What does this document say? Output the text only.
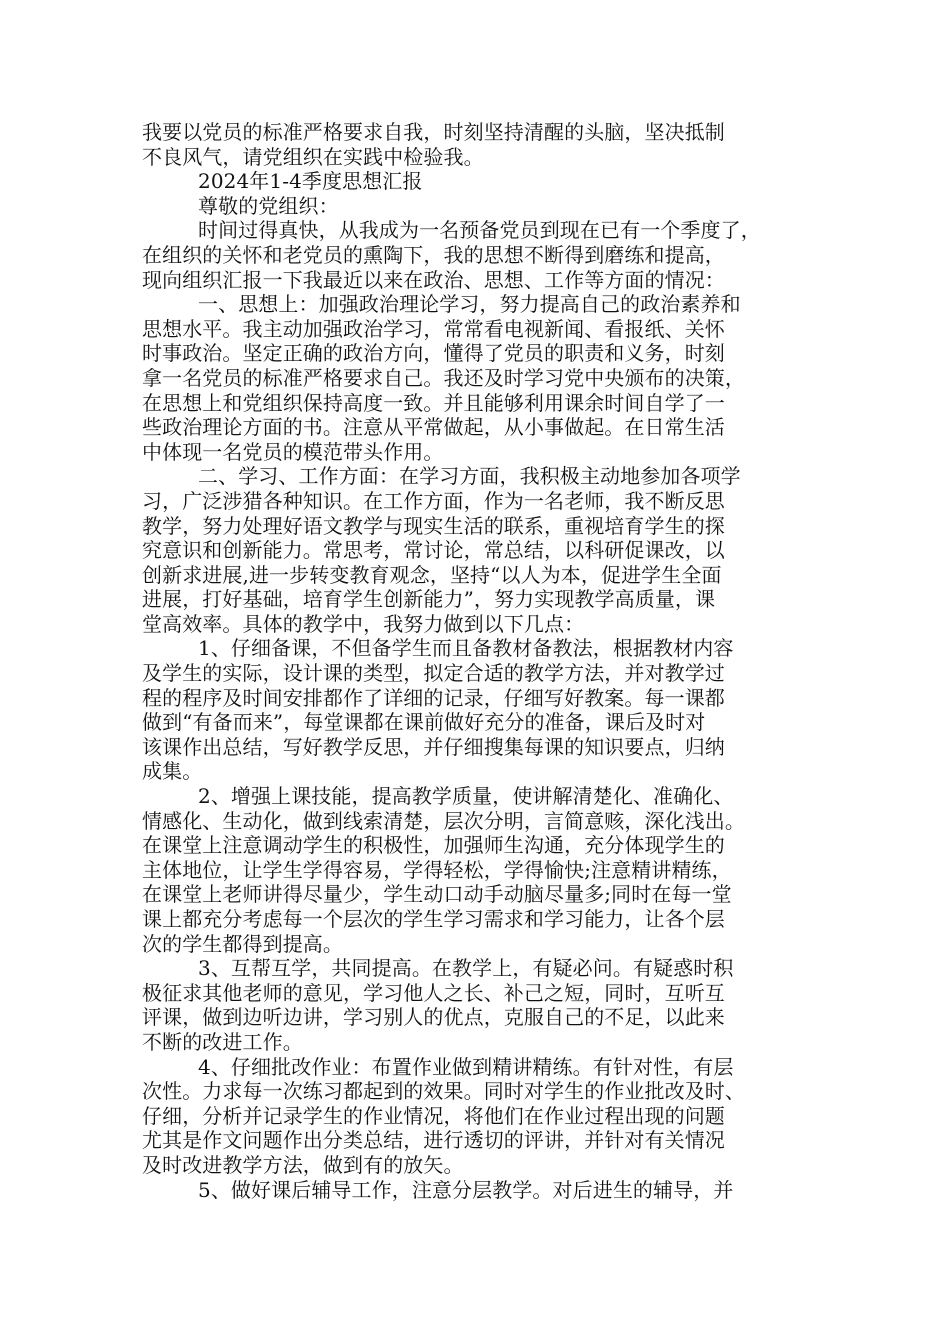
我要以党员的标准严格要求自我，时刻坚持清醒的头脑，坚决抵制
不良风气，请党组织在实践中检验我。
2024年1-4季度思想汇报
尊敬的党组织：
时间过得真快，从我成为一名预备党员到现在已有一个季度了，
在组织的关怀和老党员的熏陶下，我的思想不断得到磨练和提高，
现向组织汇报一下我最近以来在政治、思想、工作等方面的情况：
一、思想上：加强政治理论学习，努力提高自己的政治素养和
思想水平。我主动加强政治学习，常常看电视新闻、看报纸、关怀
时事政治。坚定正确的政治方向，懂得了党员的职责和义务，时刻
拿一名党员的标准严格要求自己。我还及时学习党中央颁布的决策，
在思想上和党组织保持高度一致。并且能够利用课余时间自学了一
些政治理论方面的书。注意从平常做起，从小事做起。在日常生活
中体现一名党员的模范带头作用。
二、学习、工作方面：在学习方面，我积极主动地参加各项学
习，广泛涉猎各种知识。在工作方面，作为一名老师，我不断反思
教学，努力处理好语文教学与现实生活的联系，重视培育学生的探
究意识和创新能力。常思考，常讨论，常总结，以科研促课改，以
创新求进展,进一步转变教育观念，坚持“以人为本，促进学生全面
进展，打好基础，培育学生创新能力”，努力实现教学高质量，课
堂高效率。具体的教学中，我努力做到以下几点：
1、仔细备课，不但备学生而且备教材备教法，根据教材内容
及学生的实际，设计课的类型，拟定合适的教学方法，并对教学过
程的程序及时间安排都作了详细的记录，仔细写好教案。每一课都
做到“有备而来”，每堂课都在课前做好充分的准备，课后及时对
该课作出总结，写好教学反思，并仔细搜集每课的知识要点，归纳
成集。
2、增强上课技能，提高教学质量，使讲解清楚化、准确化、
情感化、生动化，做到线索清楚，层次分明，言简意赅，深化浅出。
在课堂上注意调动学生的积极性，加强师生沟通，充分体现学生的
主体地位，让学生学得容易，学得轻松，学得愉快;注意精讲精练，
在课堂上老师讲得尽量少，学生动口动手动脑尽量多;同时在每一堂
课上都充分考虑每一个层次的学生学习需求和学习能力，让各个层
次的学生都得到提高。
3、互帮互学，共同提高。在教学上，有疑必问。有疑惑时积
极征求其他老师的意见，学习他人之长、补己之短，同时，互听互
评课，做到边听边讲，学习别人的优点，克服自己的不足，以此来
不断的改进工作。
4、仔细批改作业：布置作业做到精讲精练。有针对性，有层
次性。力求每一次练习都起到的效果。同时对学生的作业批改及时、
仔细，分析并记录学生的作业情况，将他们在作业过程出现的问题
尤其是作文问题作出分类总结，进行透切的评讲，并针对有关情况
及时改进教学方法，做到有的放矢。
5、做好课后辅导工作，注意分层教学。对后进生的辅导，并
